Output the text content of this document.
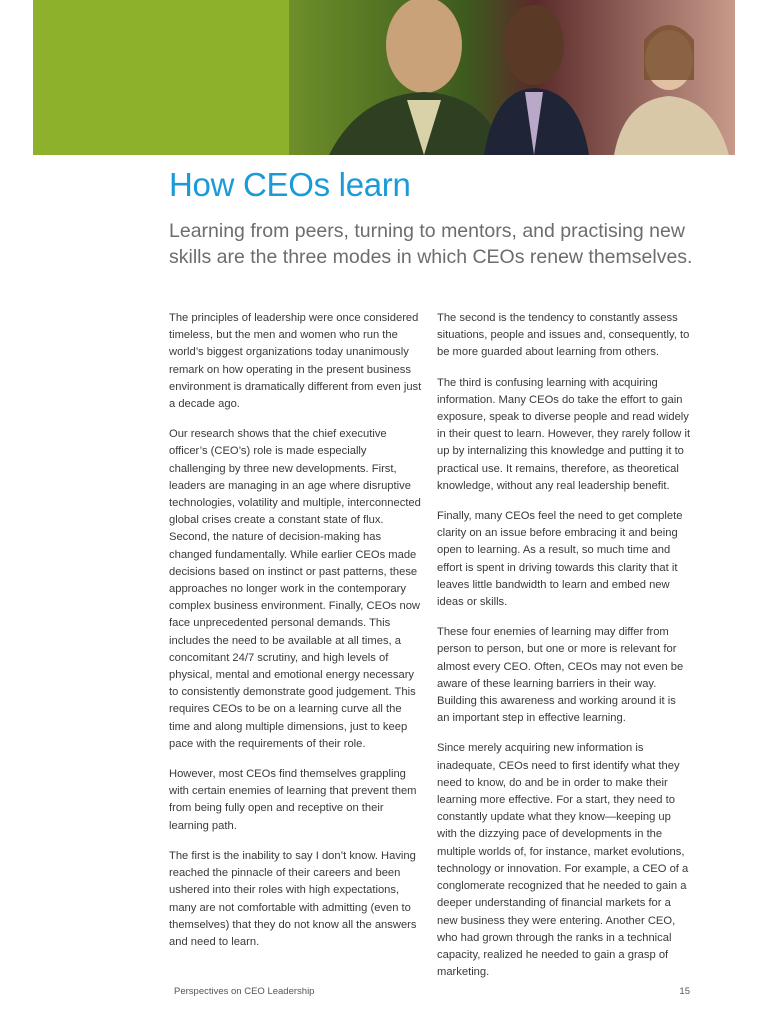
How CEOs learn
Learning from peers, turning to mentors, and practising new skills are the three modes in which CEOs renew themselves.

The principles of leadership were once considered timeless, but the men and women who run the world’s biggest organizations today unanimously remark on how operating in the present business environment is dramatically different from even just a decade ago.

Our research shows that the chief executive officer’s (CEO’s) role is made especially challenging by three new developments. First, leaders are managing in an age where disruptive technologies, volatility and multiple, interconnected global crises create a constant state of flux. Second, the nature of decision-making has changed fundamentally. While earlier CEOs made decisions based on instinct or past patterns, these approaches no longer work in the contemporary complex business environment. Finally, CEOs now face unprecedented personal demands. This includes the need to be available at all times, a concomitant 24/7 scrutiny, and high levels of physical, mental and emotional energy necessary to consistently demonstrate good judgement. This requires CEOs to be on a learning curve all the time and along multiple dimensions, just to keep pace with the requirements of their role.

However, most CEOs find themselves grappling with certain enemies of learning that prevent them from being fully open and receptive on their learning path.

The first is the inability to say I don’t know. Having reached the pinnacle of their careers and been ushered into their roles with high expectations, many are not comfortable with admitting (even to themselves) that they do not know all the answers and need to learn.

The second is the tendency to constantly assess situations, people and issues and, consequently, to be more guarded about learning from others.

The third is confusing learning with acquiring information. Many CEOs do take the effort to gain exposure, speak to diverse people and read widely in their quest to learn. However, they rarely follow it up by internalizing this knowledge and putting it to practical use. It remains, therefore, as theoretical knowledge, without any real leadership benefit.

Finally, many CEOs feel the need to get complete clarity on an issue before embracing it and being open to learning. As a result, so much time and effort is spent in driving towards this clarity that it leaves little bandwidth to learn and embed new ideas or skills.

These four enemies of learning may differ from person to person, but one or more is relevant for almost every CEO. Often, CEOs may not even be aware of these learning barriers in their way. Building this awareness and working around it is an important step in effective learning.

Since merely acquiring new information is inadequate, CEOs need to first identify what they need to know, do and be in order to make their learning more effective. For a start, they need to constantly update what they know—keeping up with the dizzying pace of developments in the multiple worlds of, for instance, market evolutions, technology or innovation. For example, a CEO of a conglomerate recognized that he needed to gain a deeper understanding of financial markets for a new business they were entering. Another CEO, who had grown through the ranks in a technical capacity, realized he needed to gain a grasp of marketing.

Perspectives on CEO Leadership	15
